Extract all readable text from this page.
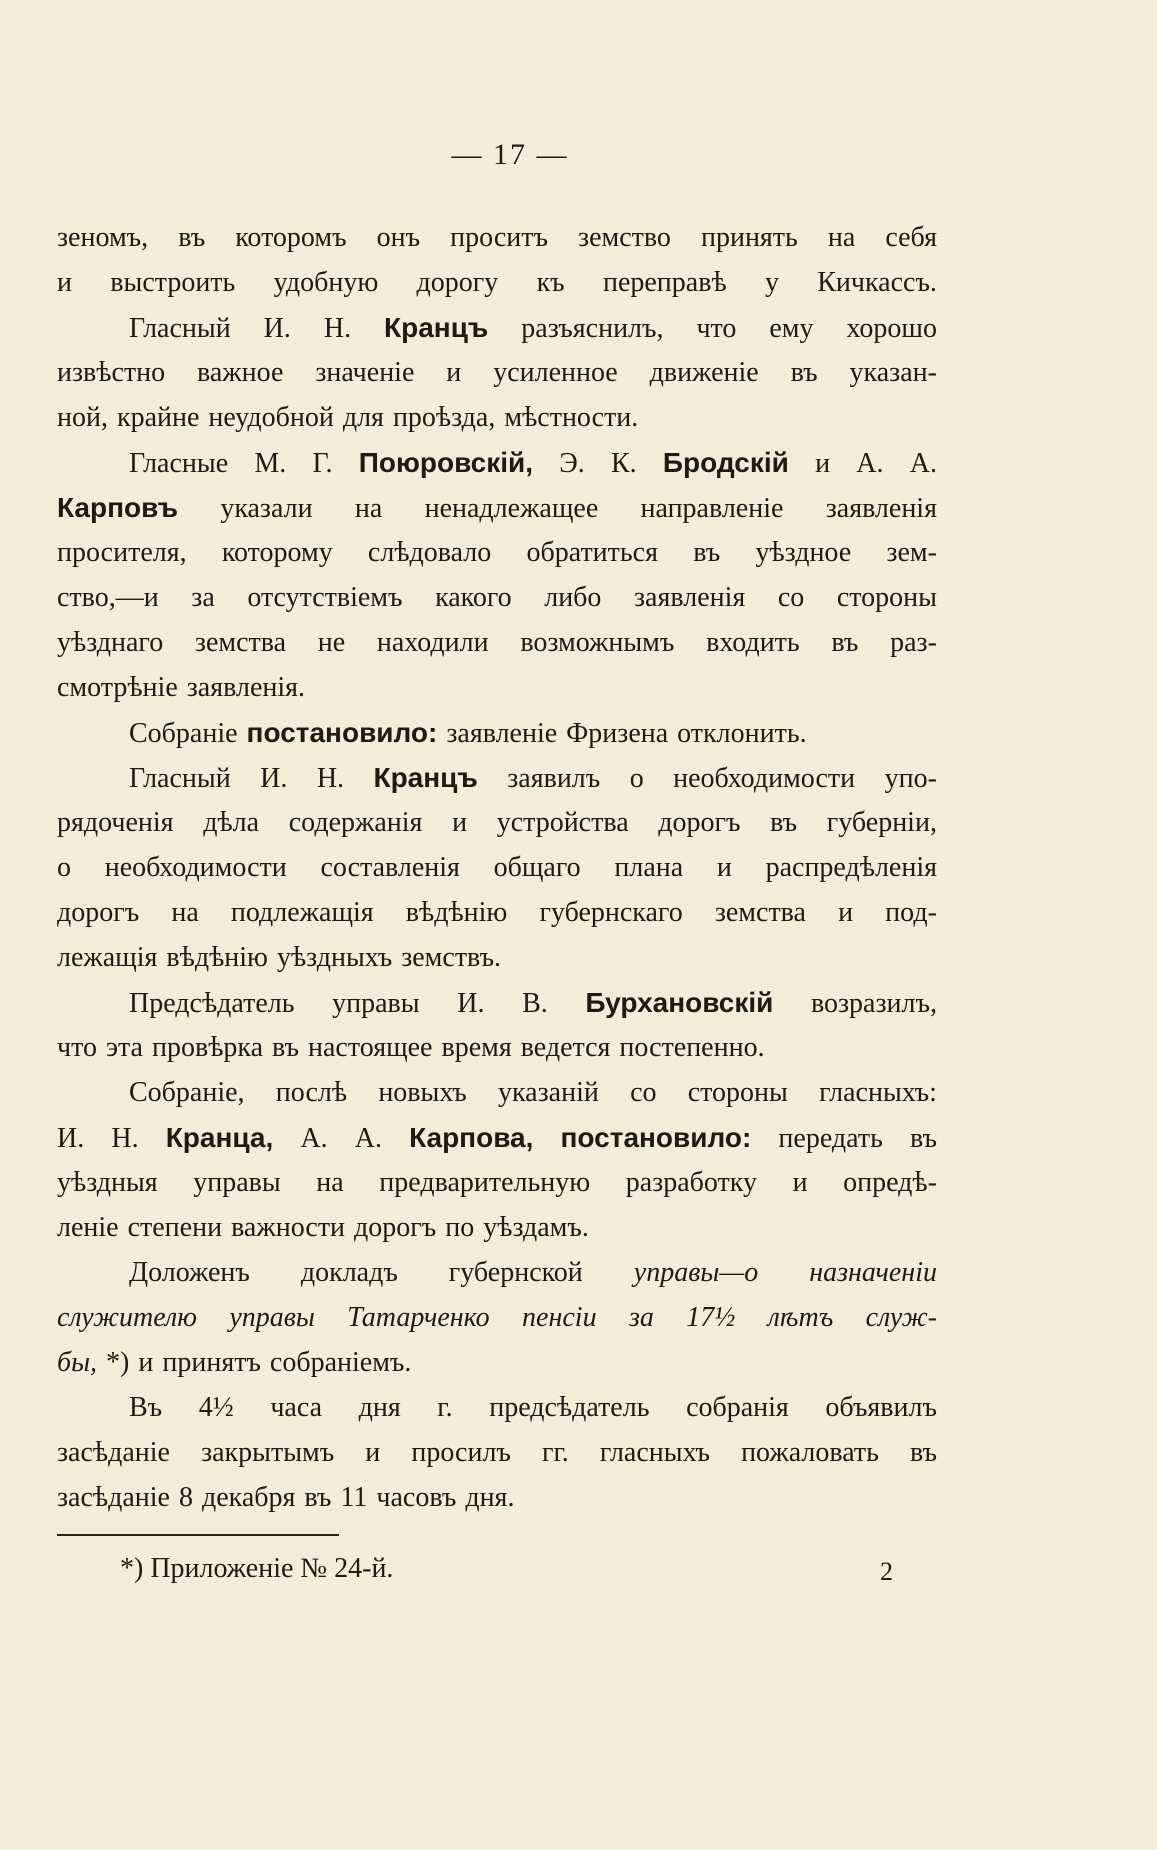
— 17 —
зеномъ, въ которомъ онъ проситъ земство принять на себя
и выстроить удобную дорогу къ переправѣ у Кичкассъ.
Гласный И. Н. Кранцъ разъяснилъ, что ему хорошо
извѣстно важное значеніе и усиленное движеніе въ указан-
ной, крайне неудобной для проѣзда, мѣстности.
Гласные М. Г. Поюровскій, Э. К. Бродскій и А. А.
Карповъ указали на ненадлежащее направленіе заявленія
просителя, которому слѣдовало обратиться въ уѣздное зем-
ство,—и за отсутствіемъ какого либо заявленія со стороны
уѣзднаго земства не находили возможнымъ входить въ раз-
смотрѣніе заявленія.
Собраніе постановило: заявленіе Фризена отклонить.
Гласный И. Н. Кранцъ заявилъ о необходимости упо-
рядоченія дѣла содержанія и устройства дорогъ въ губерніи,
о необходимости составленія общаго плана и распредѣленія
дорогъ на подлежащія вѣдѣнію губернскаго земства и под-
лежащія вѣдѣнію уѣздныхъ земствъ.
Предсѣдатель управы И. В. Бурхановскій возразилъ,
что эта провѣрка въ настоящее время ведется постепенно.
Собраніе, послѣ новыхъ указаній со стороны гласныхъ:
И. Н. Кранца, А. А. Карпова, постановило: передать въ
уѣздныя управы на предварительную разработку и опредѣ-
леніе степени важности дорогъ по уѣздамъ.
Доложенъ докладъ губернской управы—о назначеніи
служителю управы Татарченко пенсіи за 17½ лѣтъ служ-
бы, *) и принятъ собраніемъ.
Въ 4½ часа дня г. предсѣдатель собранія объявилъ
засѣданіе закрытымъ и просилъ гг. гласныхъ пожаловать въ
засѣданіе 8 декабря въ 11 часовъ дня.
*) Приложеніе № 24-й.	2
